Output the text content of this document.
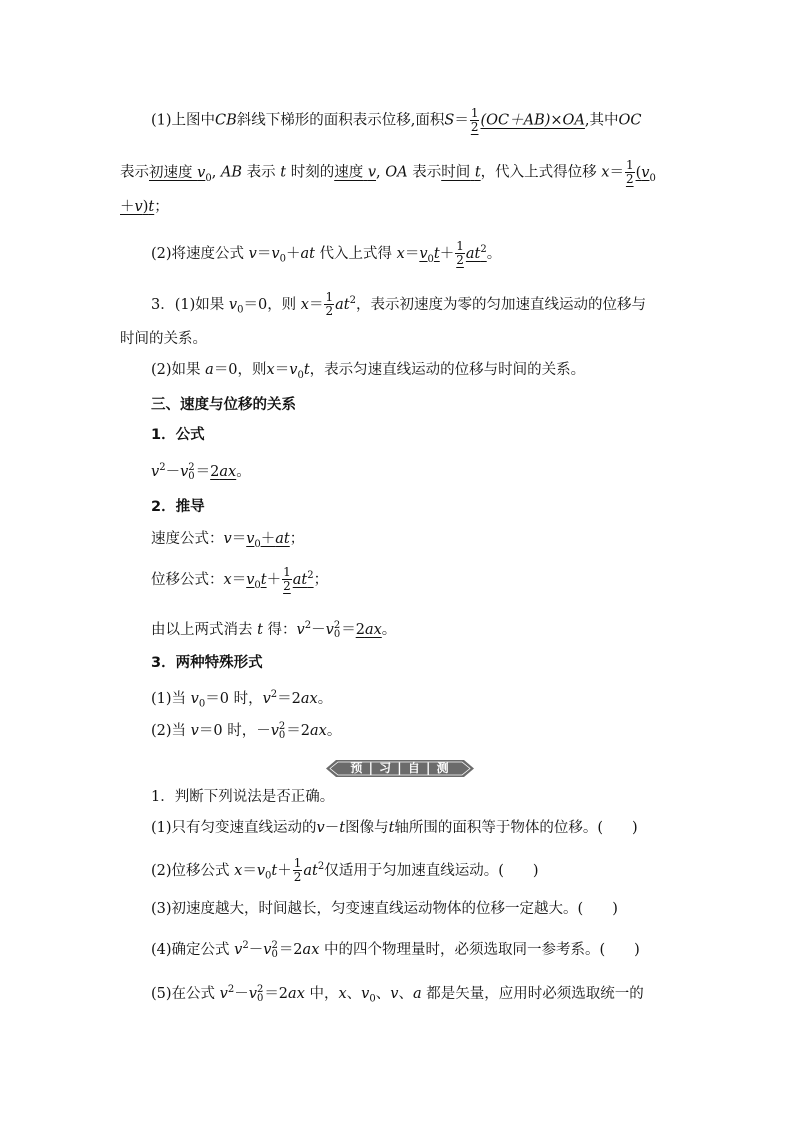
(1)上图中CB斜线下梯形的面积表示位移,面积$S= \frac{1}{2} (OC+AB)\times OA$,其中OC
表示初速度 $v_0$, AB 表示 t 时刻的速度 v, OA 表示时间 t，代入上式得位移 $x= \frac{1}{2} (v_0$
＋v)t；
(2)将速度公式 $v=v_0+at$ 代入上式得 $x=v_0t+ \frac{1}{2} at^2$。
3．(1)如果 $v_0=0$，则 $x= \frac{1}{2} at^2$，表示初速度为零的匀加速直线运动的位移与
时间的关系。
(2)如果 a＝0，则$x=v_0t$，表示匀速直线运动的位移与时间的关系。
三、速度与位移的关系
1．公式
$v^2-v$ 2
0 ＝2ax。
2．推导
速度公式：$v=v_0+at$；
位移公式：$x=v_0t+ \frac{1}{2} at^2$；
由以上两式消去 t 得：$v^2-v$ 2
0 ＝2ax。
3．两种特殊形式
(1)当 $v_0=0$ 时，$v^2=2ax$。
(2)当 v＝0 时，－v 2
0 ＝2ax。
预 | 习 | 自 | 测
1．判断下列说法是否正确。
(1)只有匀变速直线运动的v－t图像与t轴所围的面积等于物体的位移。(　　)
(2)位移公式 $x=v_0t+ \frac{1}{2} at^2$仅适用于匀加速直线运动。(　　)
(3)初速度越大，时间越长，匀变速直线运动物体的位移一定越大。(　　)
(4)确定公式 $v^2-v$ 2
0 ＝2ax 中的四个物理量时，必须选取同一参考系。(　　)
(5)在公式 $v^2-v$ 2
0 ＝2ax 中，x、$v_0$、v、a 都是矢量，应用时必须选取统一的
